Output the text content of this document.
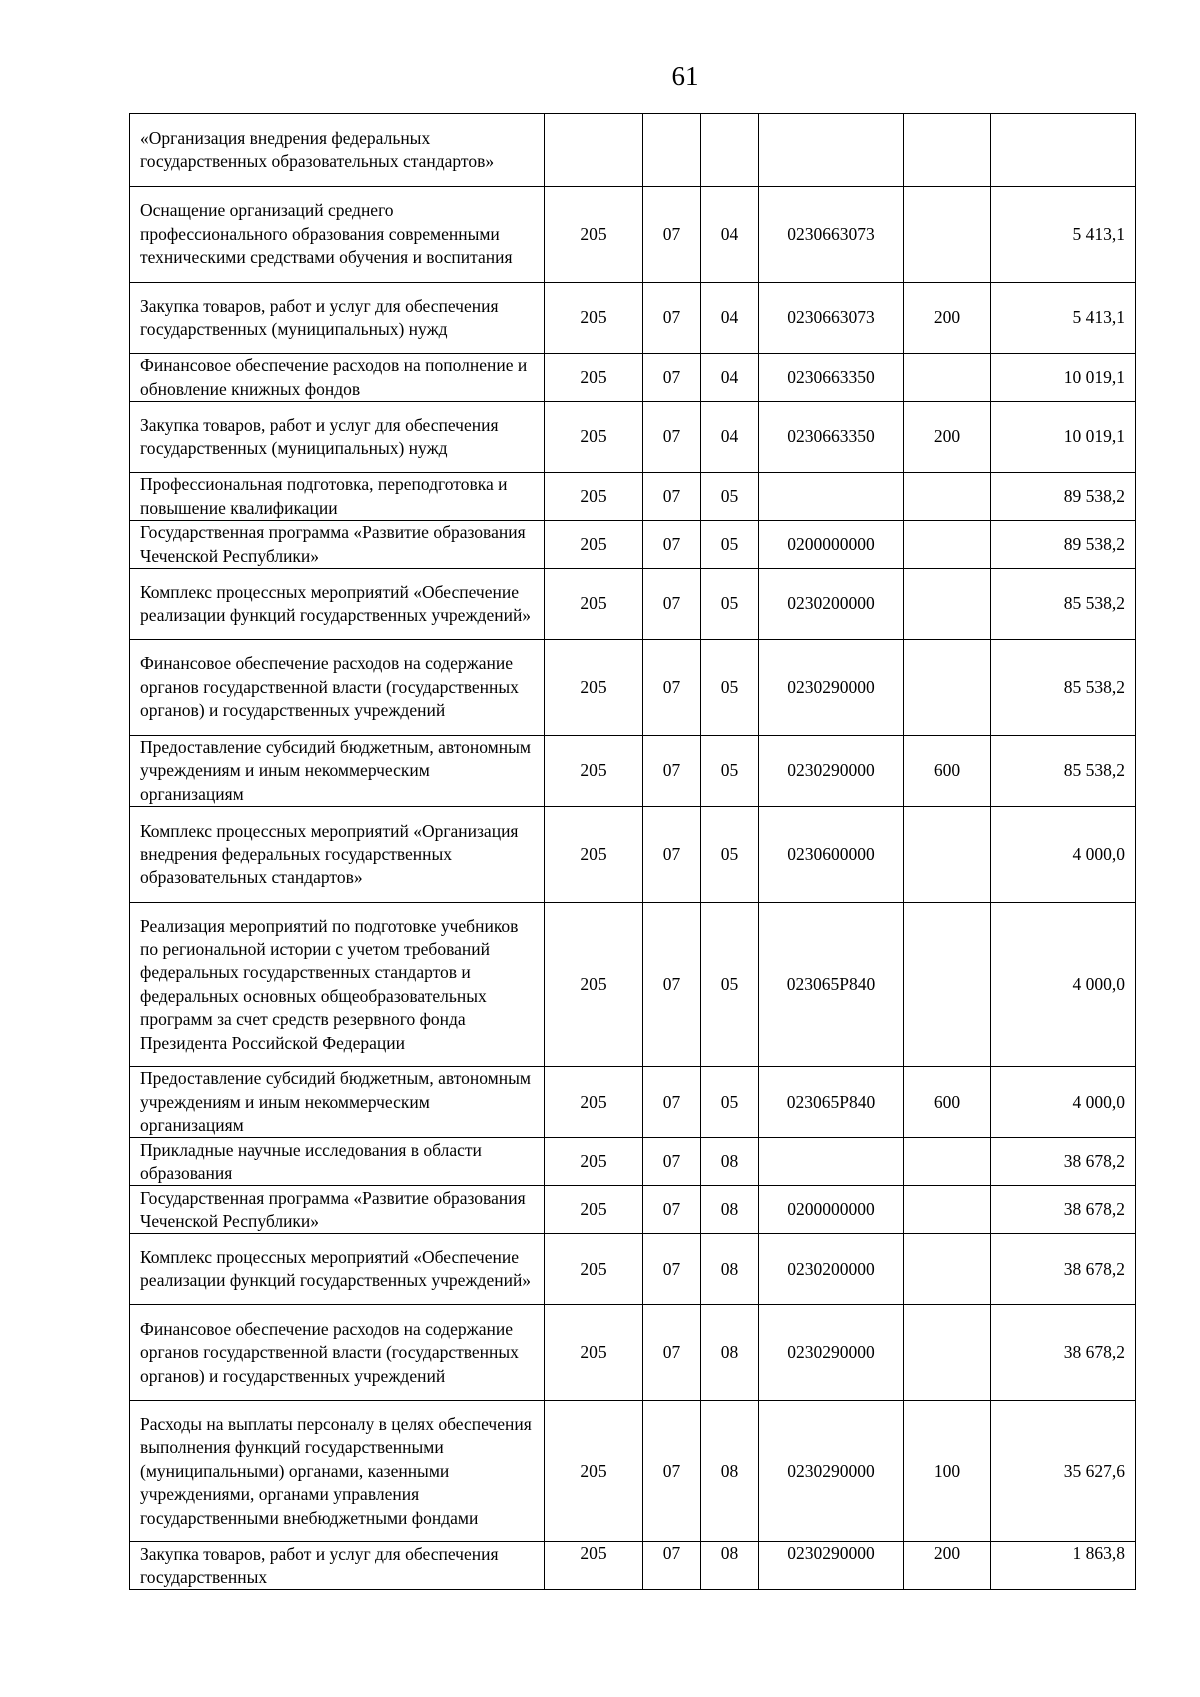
61
«Организация внедрения федеральных государственных образовательных стандартов»						
Оснащение организаций среднего профессионального образования современными техническими средствами обучения и воспитания	205	07	04	0230663073		5 413,1
Закупка товаров, работ и услуг для обеспечения государственных (муниципальных) нужд	205	07	04	0230663073	200	5 413,1
Финансовое обеспечение расходов на пополнение и обновление книжных фондов	205	07	04	0230663350		10 019,1
Закупка товаров, работ и услуг для обеспечения государственных (муниципальных) нужд	205	07	04	0230663350	200	10 019,1
Профессиональная подготовка, переподготовка и повышение квалификации	205	07	05			89 538,2
Государственная программа «Развитие образования Чеченской Республики»	205	07	05	0200000000		89 538,2
Комплекс процессных мероприятий «Обеспечение реализации функций государственных учреждений»	205	07	05	0230200000		85 538,2
Финансовое обеспечение расходов на содержание органов государственной власти (государственных органов) и государственных учреждений	205	07	05	0230290000		85 538,2
Предоставление субсидий бюджетным, автономным учреждениям и иным некоммерческим организациям	205	07	05	0230290000	600	85 538,2
Комплекс процессных мероприятий «Организация внедрения федеральных государственных образовательных стандартов»	205	07	05	0230600000		4 000,0
Реализация мероприятий по подготовке учебников по региональной истории с учетом требований федеральных государственных стандартов и федеральных основных общеобразовательных программ за счет средств резервного фонда Президента Российской Федерации	205	07	05	023065Р840		4 000,0
Предоставление субсидий бюджетным, автономным учреждениям и иным некоммерческим организациям	205	07	05	023065Р840	600	4 000,0
Прикладные научные исследования в области образования	205	07	08			38 678,2
Государственная программа «Развитие образования Чеченской Республики»	205	07	08	0200000000		38 678,2
Комплекс процессных мероприятий «Обеспечение реализации функций государственных учреждений»	205	07	08	0230200000		38 678,2
Финансовое обеспечение расходов на содержание органов государственной власти (государственных органов) и государственных учреждений	205	07	08	0230290000		38 678,2
Расходы на выплаты персоналу в целях обеспечения выполнения функций государственными (муниципальными) органами, казенными учреждениями, органами управления государственными внебюджетными фондами	205	07	08	0230290000	100	35 627,6
Закупка товаров, работ и услуг для обеспечения государственных	205	07	08	0230290000	200	1 863,8
